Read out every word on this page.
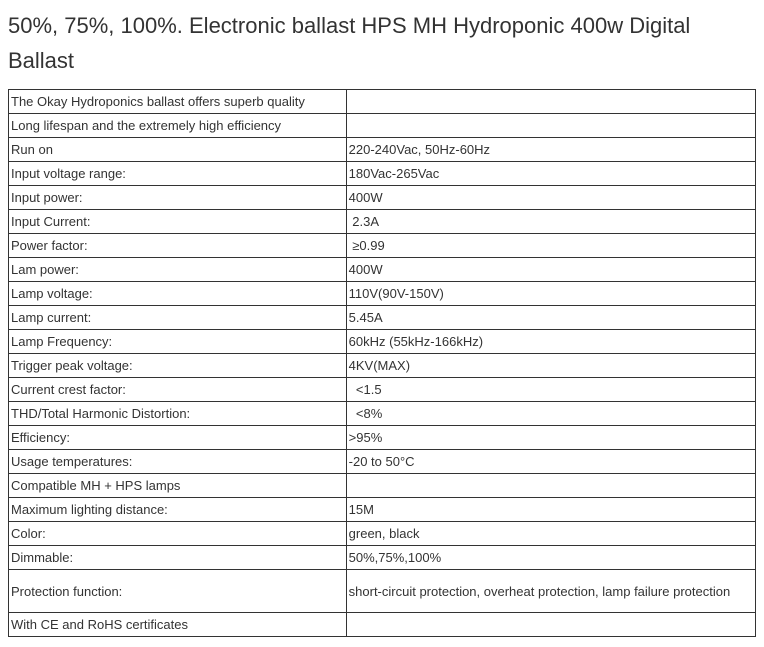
50%, 75%, 100%. Electronic ballast HPS MH Hydroponic 400w Digital Ballast
The Okay Hydroponics ballast offers superb quality	
Long lifespan and the extremely high efficiency	
Run on	220-240Vac, 50Hz-60Hz
Input voltage range:	180Vac-265Vac
Input power:	400W
Input Current:	2.3A
Power factor:	≥0.99
Lam power:	400W
Lamp voltage:	110V(90V-150V)
Lamp current:	5.45A
Lamp Frequency:	60kHz (55kHz-166kHz)
Trigger peak voltage:	4KV(MAX)
Current crest factor:	<1.5
THD/Total Harmonic Distortion:	<8%
Efficiency:	>95%
Usage temperatures:	-20 to 50°C
Compatible MH + HPS lamps	
Maximum lighting distance:	15M
Color:	green, black
Dimmable:	50%,75%,100%
Protection function:	short-circuit protection, overheat protection, lamp failure protection
With CE and RoHS certificates	
